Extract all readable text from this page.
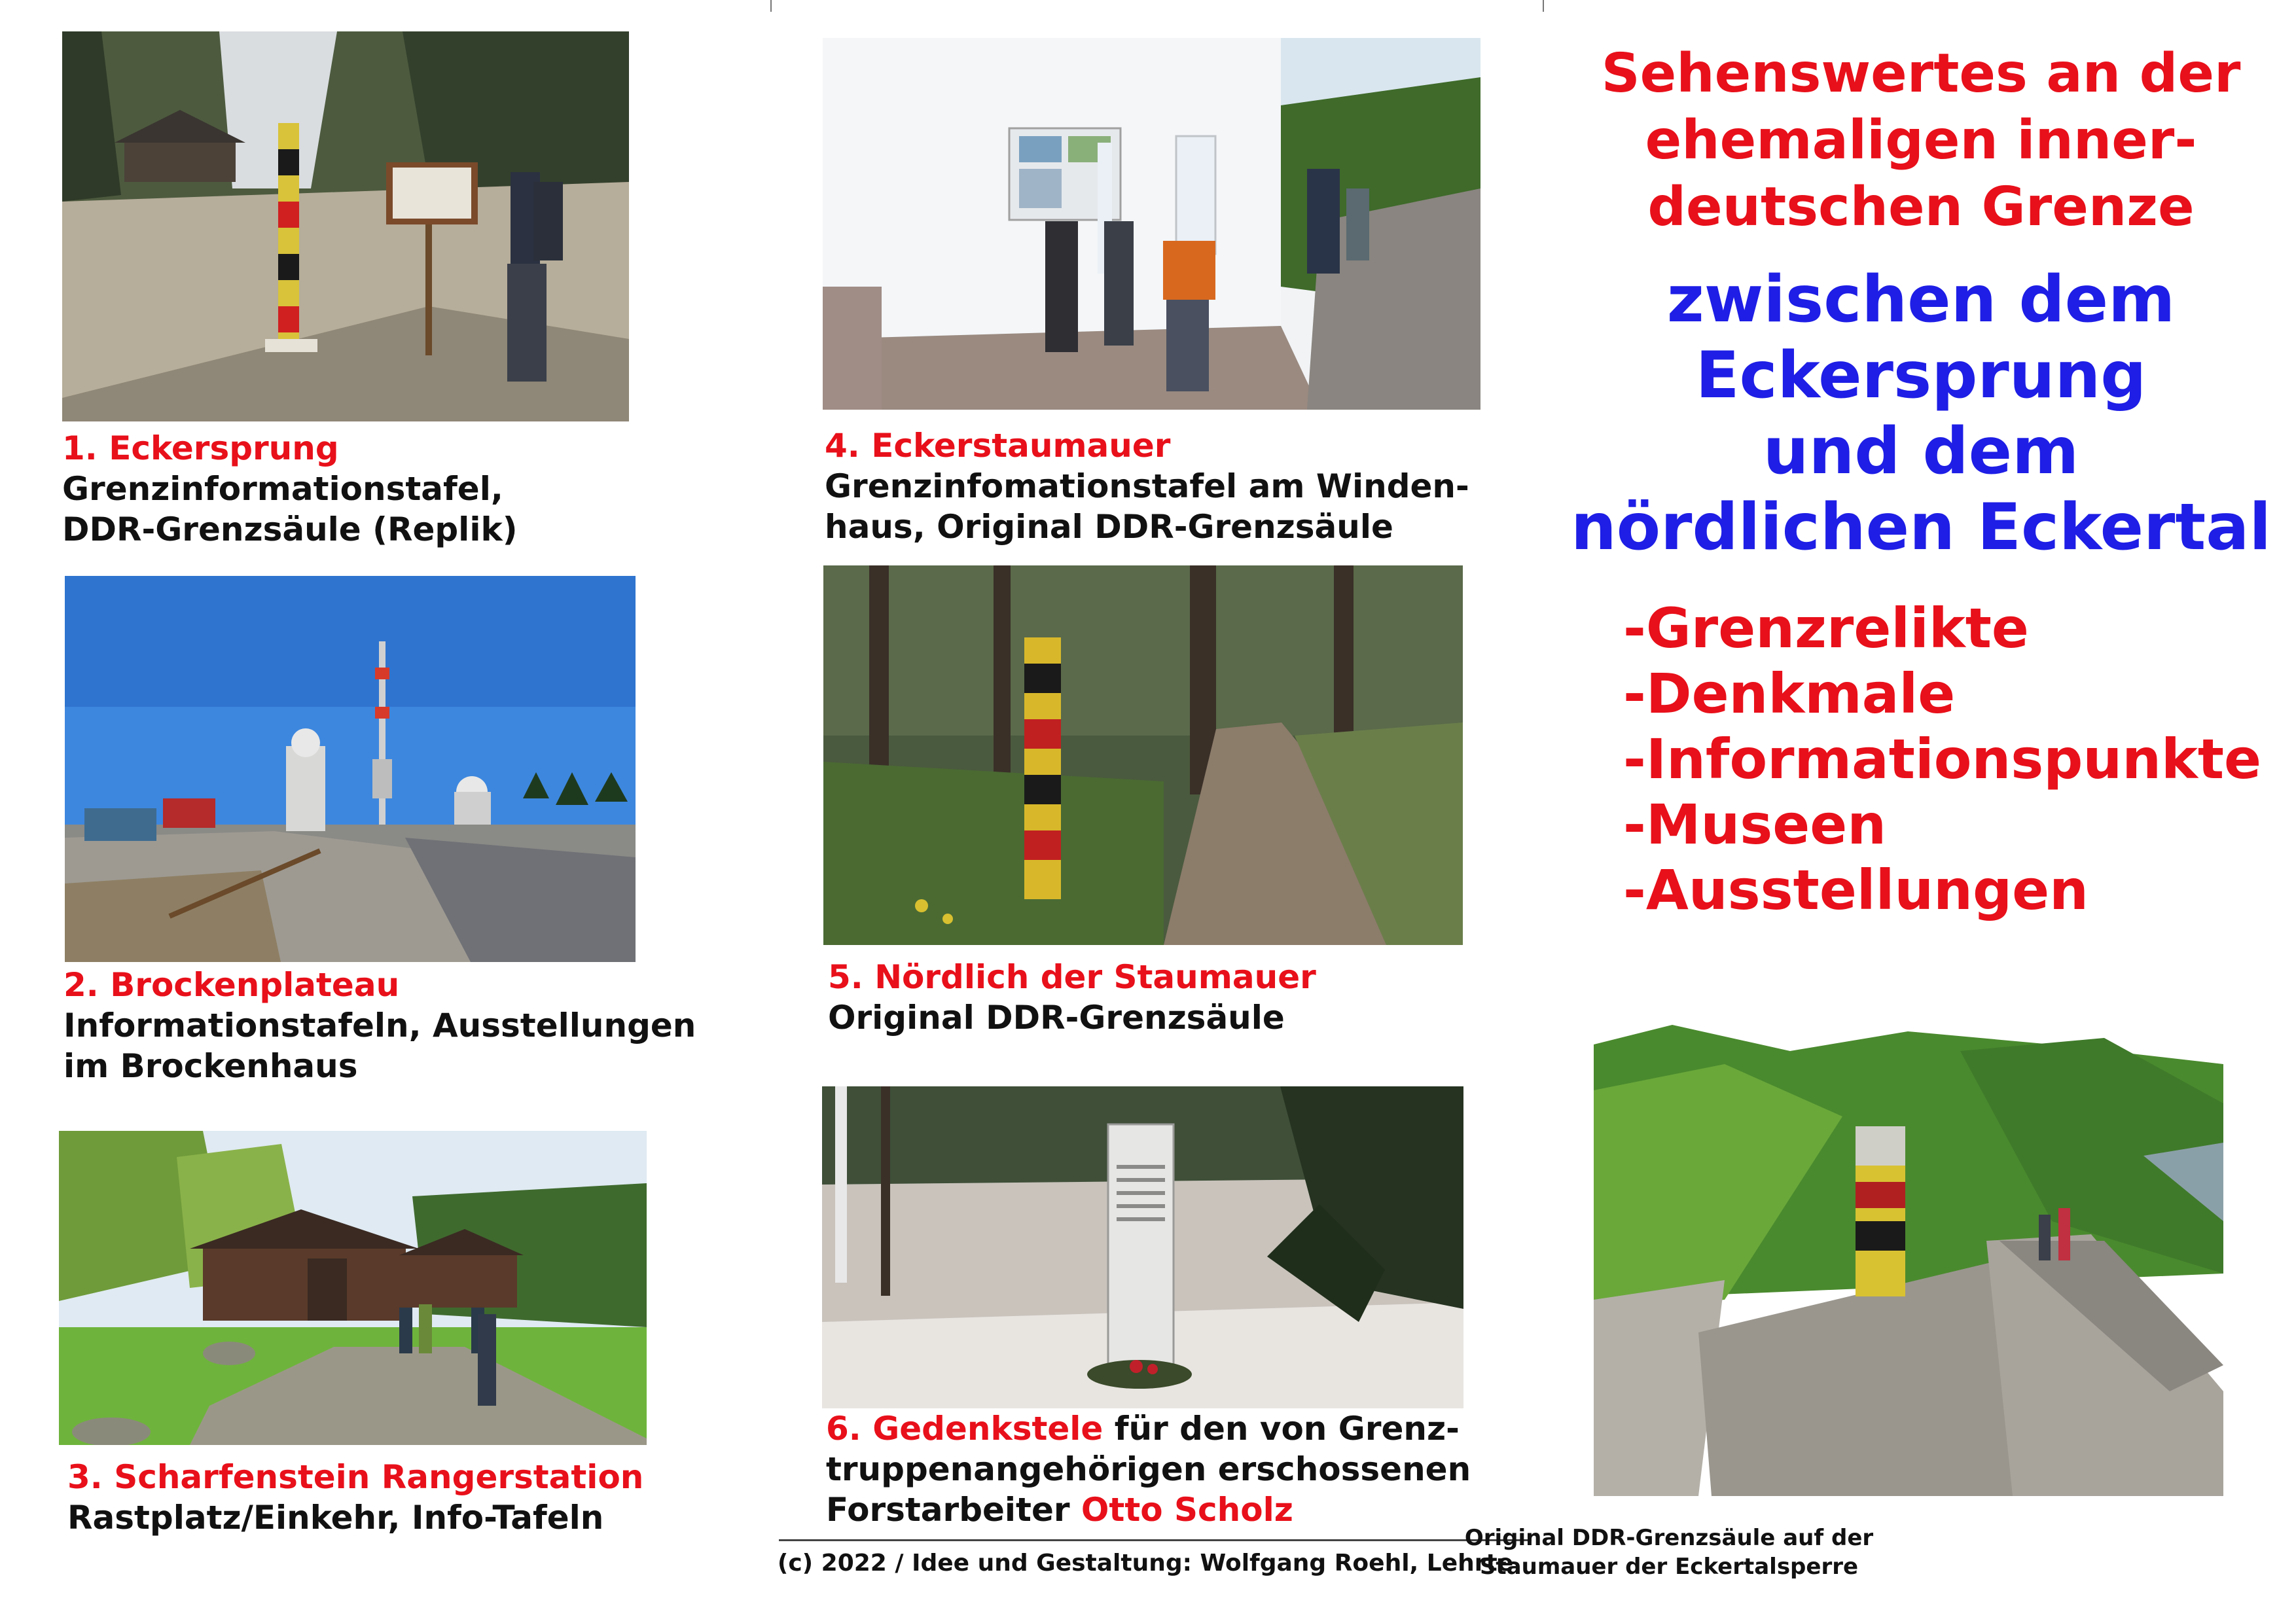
1. Eckersprung
Grenzinformationstafel,
DDR-Grenzsäule (Replik)
2. Brockenplateau
Informationstafeln, Ausstellungen
im Brockenhaus
3. Scharfenstein Rangerstation
Rastplatz/Einkehr, Info-Tafeln
4. Eckerstaumauer
Grenzinfomationstafel am Winden-
haus, Original DDR-Grenzsäule
5. Nördlich der Staumauer
Original DDR-Grenzsäule
6. Gedenkstele für den von Grenz-
truppenangehörigen erschossenen
Forstarbeiter Otto Scholz
(c) 2022 / Idee und Gestaltung: Wolfgang Roehl, Lehrte
Sehenswertes an der
ehemaligen inner-
deutschen Grenze
zwischen dem
Eckersprung
und dem
nördlichen Eckertal
-Grenzrelikte
-Denkmale
-Informationspunkte
-Museen
-Ausstellungen
Original DDR-Grenzsäule auf der
Staumauer der Eckertalsperre
